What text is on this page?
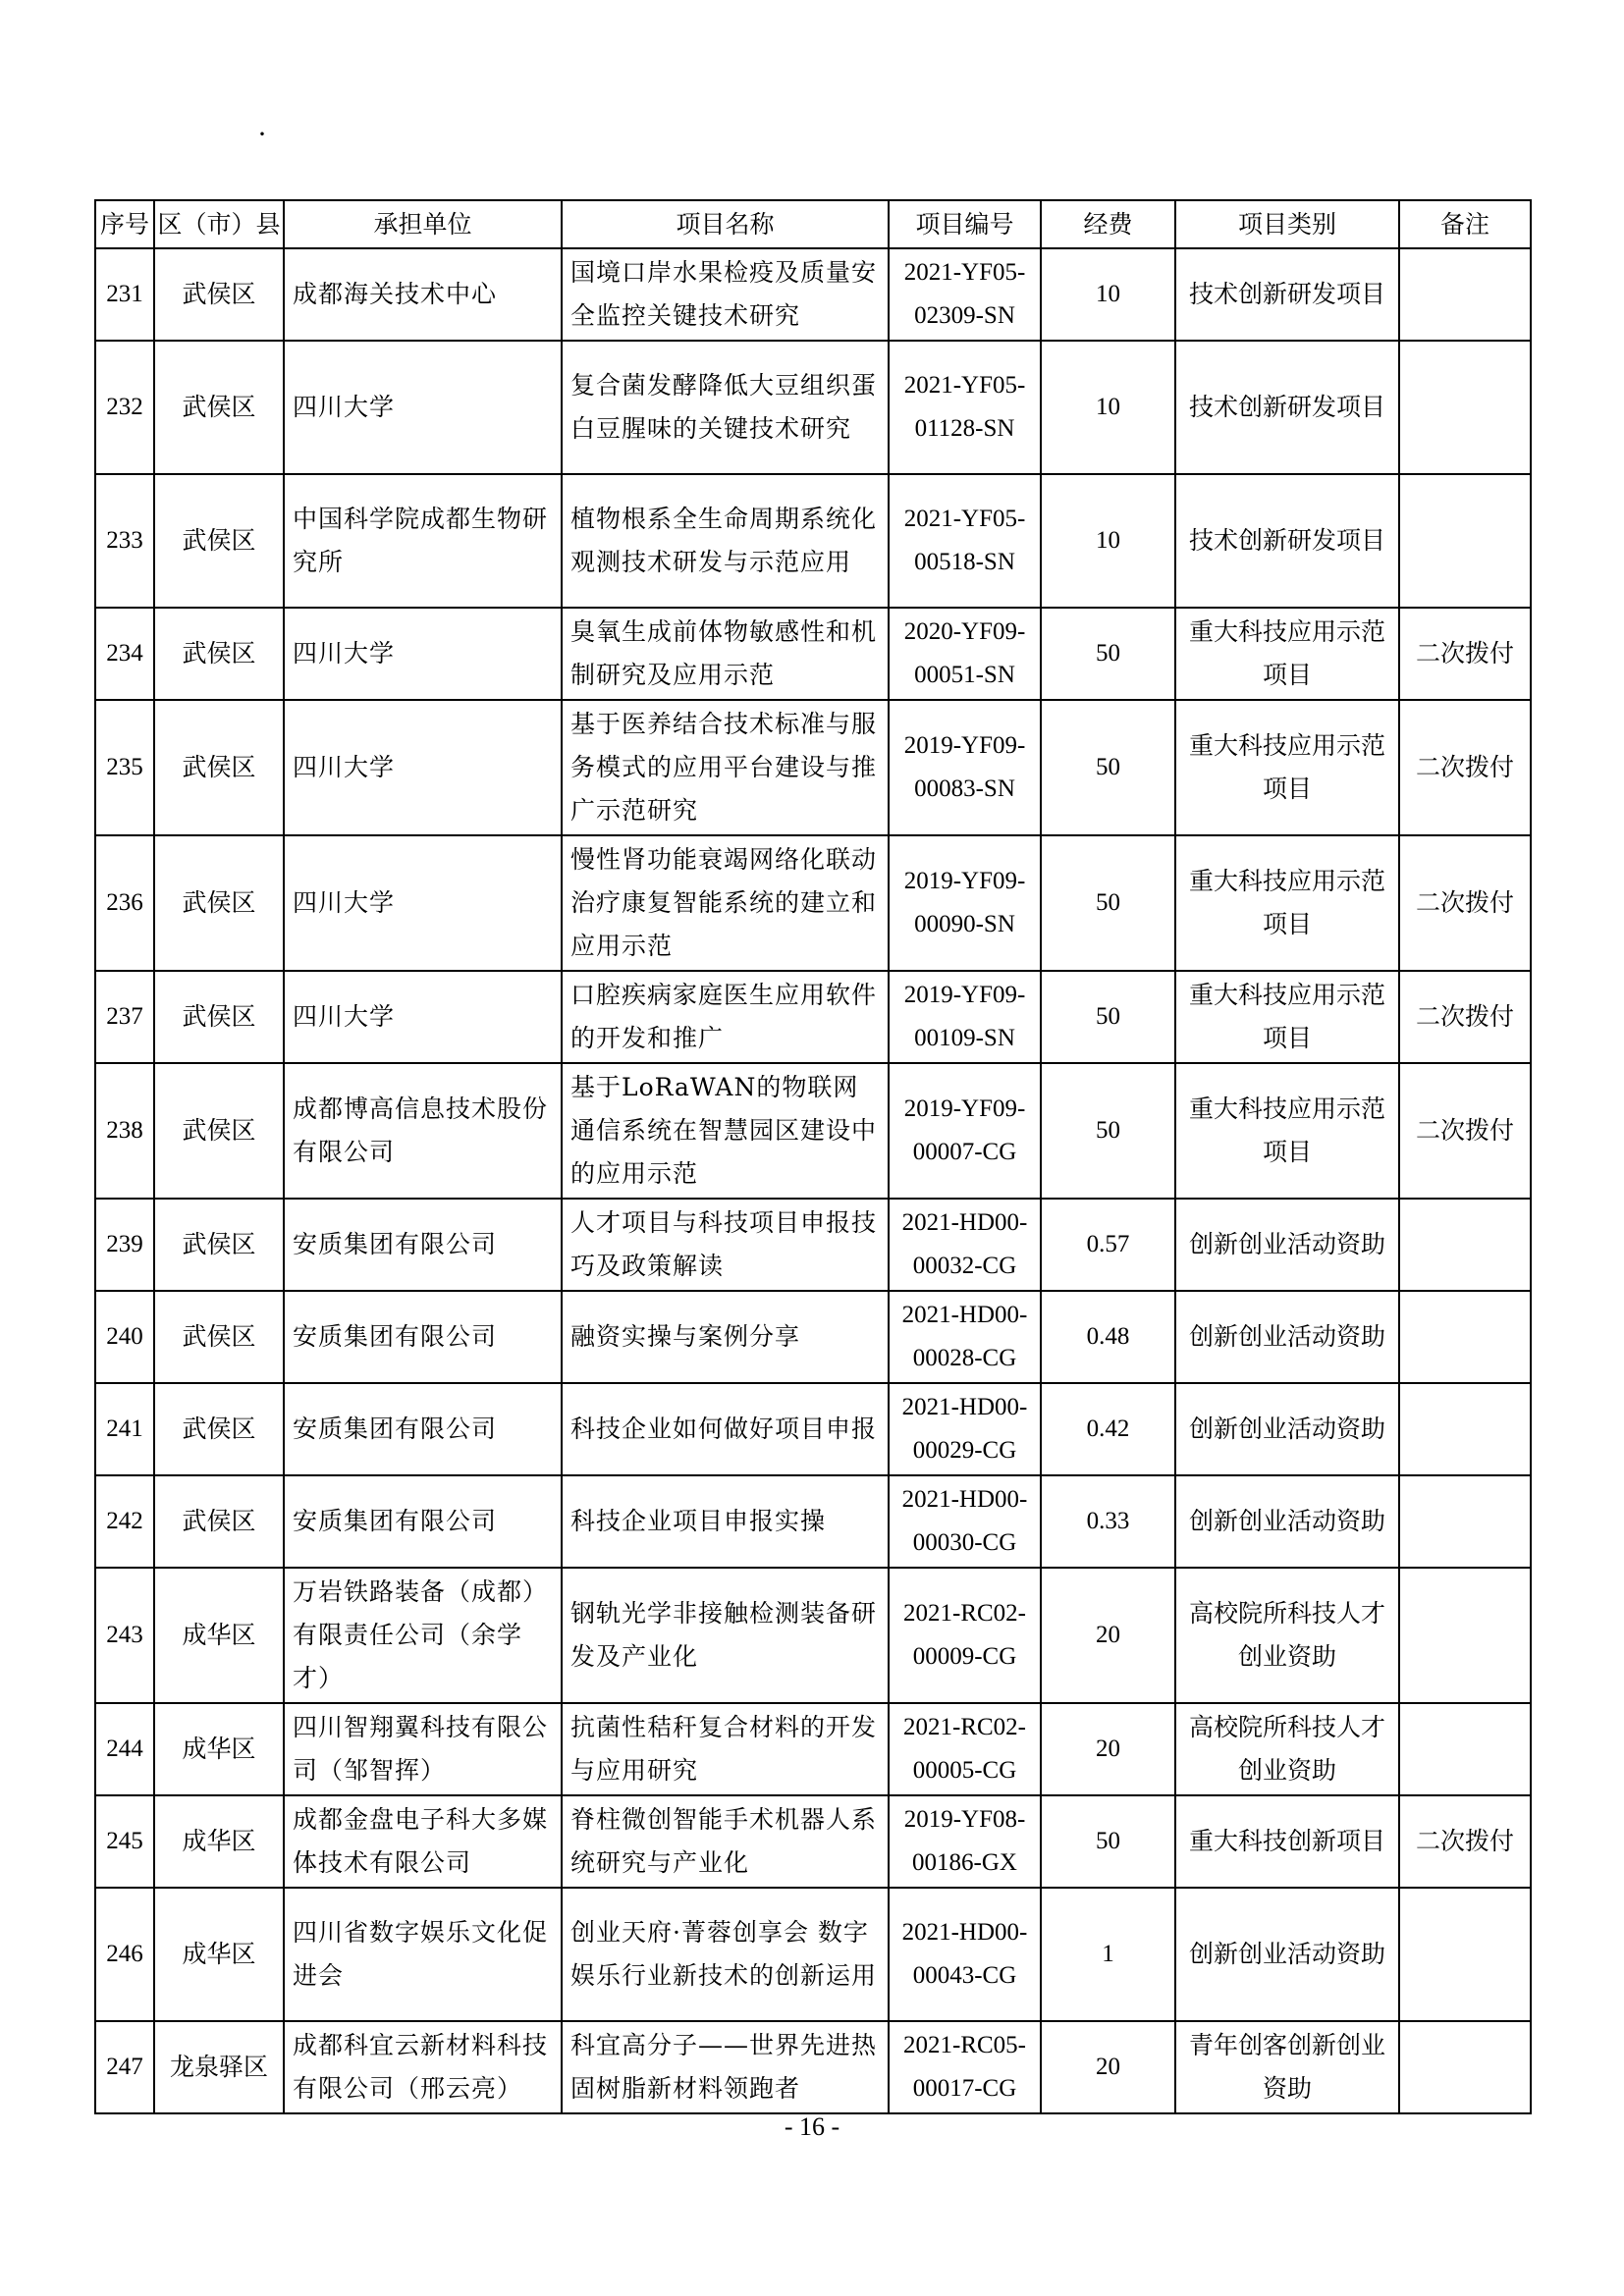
·
序号	区（市）县	承担单位	项目名称	项目编号	经费	项目类别	备注
231	武侯区	成都海关技术中心	国境口岸水果检疫及质量安全监控关键技术研究	2021-YF05-
02309-SN	10	技术创新研发项目	
232	武侯区	四川大学	复合菌发酵降低大豆组织蛋白豆腥味的关键技术研究	2021-YF05-
01128-SN	10	技术创新研发项目	
233	武侯区	中国科学院成都生物研究所	植物根系全生命周期系统化观测技术研发与示范应用	2021-YF05-
00518-SN	10	技术创新研发项目	
234	武侯区	四川大学	臭氧生成前体物敏感性和机制研究及应用示范	2020-YF09-
00051-SN	50	重大科技应用示范项目	二次拨付
235	武侯区	四川大学	基于医养结合技术标准与服务模式的应用平台建设与推广示范研究	2019-YF09-
00083-SN	50	重大科技应用示范项目	二次拨付
236	武侯区	四川大学	慢性肾功能衰竭网络化联动治疗康复智能系统的建立和应用示范	2019-YF09-
00090-SN	50	重大科技应用示范项目	二次拨付
237	武侯区	四川大学	口腔疾病家庭医生应用软件的开发和推广	2019-YF09-
00109-SN	50	重大科技应用示范项目	二次拨付
238	武侯区	成都博高信息技术股份有限公司	基于LoRaWAN的物联网通信系统在智慧园区建设中的应用示范	2019-YF09-
00007-CG	50	重大科技应用示范项目	二次拨付
239	武侯区	安质集团有限公司	人才项目与科技项目申报技巧及政策解读	2021-HD00-
00032-CG	0.57	创新创业活动资助	
240	武侯区	安质集团有限公司	融资实操与案例分享	2021-HD00-
00028-CG	0.48	创新创业活动资助	
241	武侯区	安质集团有限公司	科技企业如何做好项目申报	2021-HD00-
00029-CG	0.42	创新创业活动资助	
242	武侯区	安质集团有限公司	科技企业项目申报实操	2021-HD00-
00030-CG	0.33	创新创业活动资助	
243	成华区	万岩铁路装备（成都）有限责任公司（余学才）	钢轨光学非接触检测装备研发及产业化	2021-RC02-
00009-CG	20	高校院所科技人才创业资助	
244	成华区	四川智翔翼科技有限公司（邹智挥）	抗菌性秸秆复合材料的开发与应用研究	2021-RC02-
00005-CG	20	高校院所科技人才创业资助	
245	成华区	成都金盘电子科大多媒体技术有限公司	脊柱微创智能手术机器人系统研究与产业化	2019-YF08-
00186-GX	50	重大科技创新项目	二次拨付
246	成华区	四川省数字娱乐文化促进会	创业天府·菁蓉创享会 数字娱乐行业新技术的创新运用	2021-HD00-
00043-CG	1	创新创业活动资助	
247	龙泉驿区	成都科宜云新材料科技有限公司（邢云亮）	科宜高分子——世界先进热固树脂新材料领跑者	2021-RC05-
00017-CG	20	青年创客创新创业资助	
- 16 -
